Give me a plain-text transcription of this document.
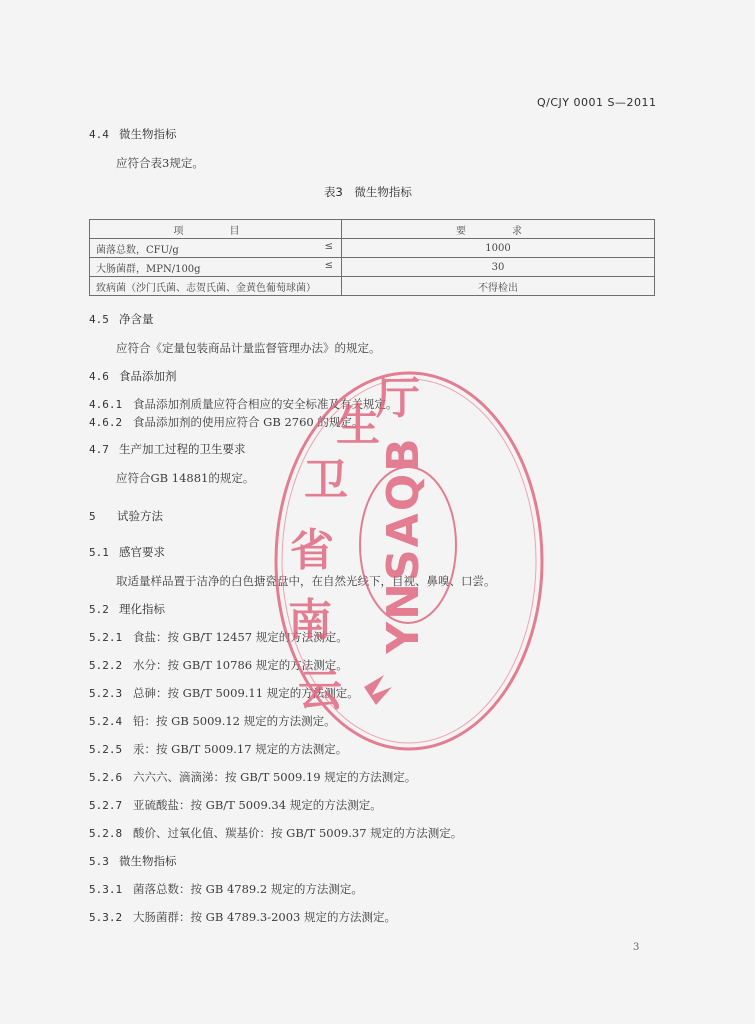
Q/CJY 0001 S—2011
4.4 微生物指标
应符合表3规定。
表3　微生物指标
项　目	要　求
菌落总数，CFU/g ≤	1000
大肠菌群，MPN/100g ≤	30
致病菌（沙门氏菌、志贺氏菌、金黄色葡萄球菌）	不得检出
4.5 净含量
应符合《定量包装商品计量监督管理办法》的规定。
4.6 食品添加剂
4.6.1 食品添加剂质量应符合相应的安全标准及有关规定。
4.6.2 食品添加剂的使用应符合 GB 2760 的规定。
4.7 生产加工过程的卫生要求
应符合GB 14881的规定。
5 试验方法
5.1 感官要求
取适量样品置于洁净的白色搪瓷盘中，在自然光线下，目视、鼻嗅、口尝。
5.2 理化指标
5.2.1 食盐：按 GB/T 12457 规定的方法测定。
5.2.2 水分：按 GB/T 10786 规定的方法测定。
5.2.3 总砷：按 GB/T 5009.11 规定的方法测定。
5.2.4 铅：按 GB 5009.12 规定的方法测定。
5.2.5 汞：按 GB/T 5009.17 规定的方法测定。
5.2.6 六六六、滴滴涕：按 GB/T 5009.19 规定的方法测定。
5.2.7 亚硫酸盐：按 GB/T 5009.34 规定的方法测定。
5.2.8 酸价、过氧化值、羰基价：按 GB/T 5009.37 规定的方法测定。
5.3 微生物指标
5.3.1 菌落总数：按 GB 4789.2 规定的方法测定。
5.3.2 大肠菌群：按 GB 4789.3-2003 规定的方法测定。
3
YNSAQB
云 南 省 卫 生 厅
